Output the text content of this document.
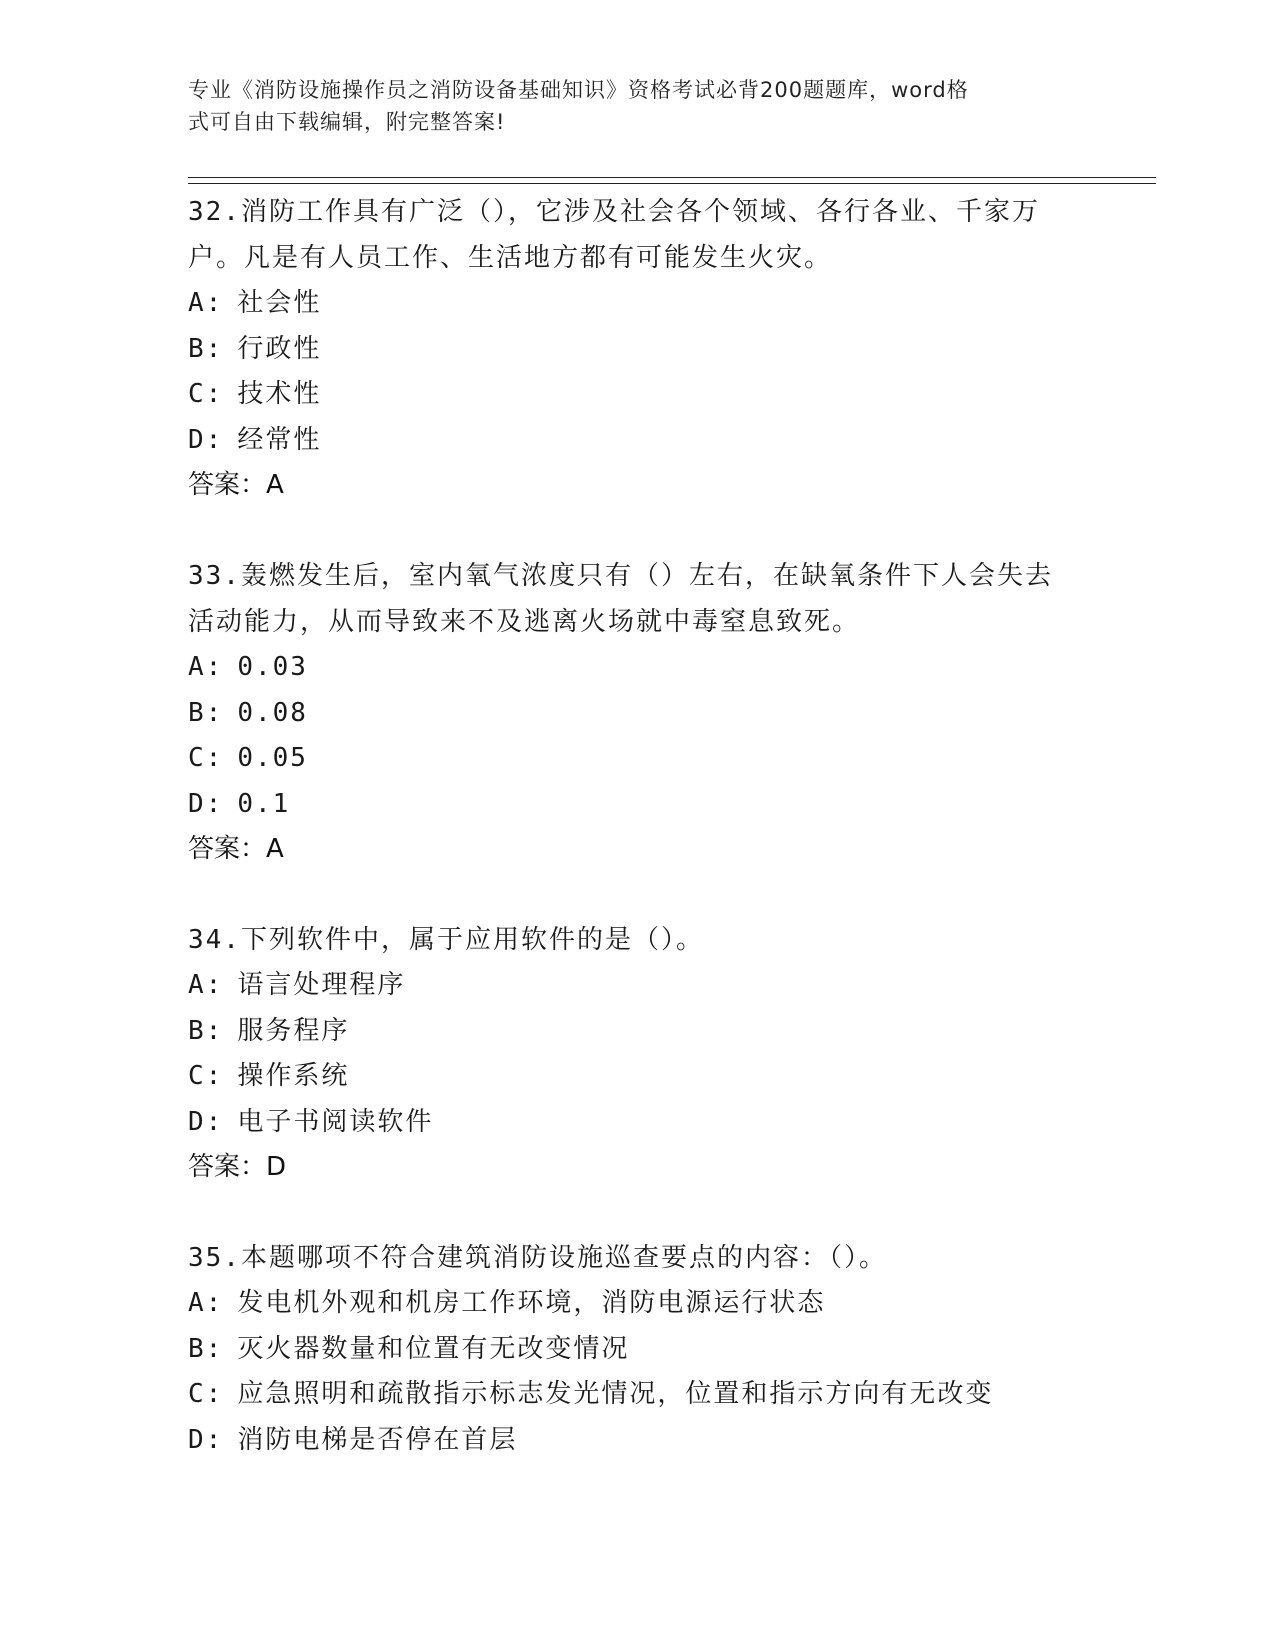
专业《消防设施操作员之消防设备基础知识》资格考试必背200题题库，word格
式可自由下载编辑，附完整答案!

32.消防工作具有广泛（），它涉及社会各个领域、各行各业、千家万

户。凡是有人员工作、生活地方都有可能发生火灾。

A: 社会性

B: 行政性

C: 技术性

D: 经常性

答案：A

33.轰燃发生后，室内氧气浓度只有（）左右，在缺氧条件下人会失去

活动能力，从而导致来不及逃离火场就中毒窒息致死。

A: 0.03

B: 0.08

C: 0.05

D: 0.1

答案：A

34.下列软件中，属于应用软件的是（）。

A: 语言处理程序

B: 服务程序

C: 操作系统

D: 电子书阅读软件

答案：D

35.本题哪项不符合建筑消防设施巡查要点的内容：（）。

A: 发电机外观和机房工作环境，消防电源运行状态

B: 灭火器数量和位置有无改变情况

C: 应急照明和疏散指示标志发光情况，位置和指示方向有无改变

D: 消防电梯是否停在首层
